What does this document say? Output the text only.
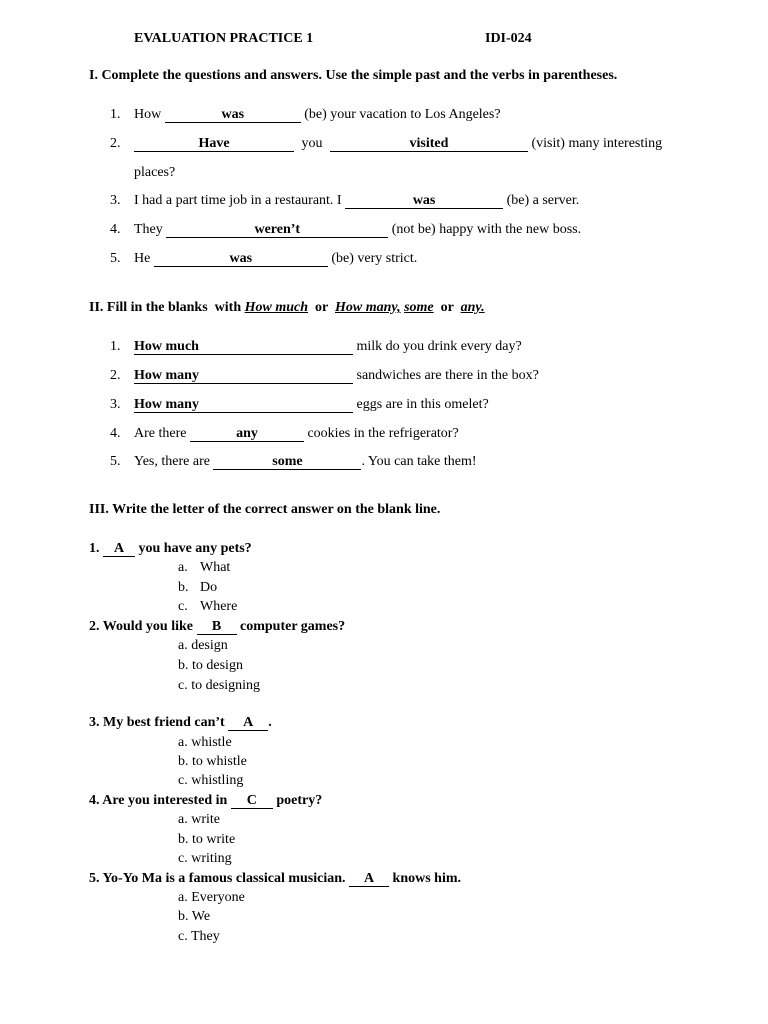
EVALUATION PRACTICE 1	IDI-024
I. Complete the questions and answers. Use the simple past and the verbs in parentheses.
1. How	was	(be) your vacation to Los Angeles?
2.	Have	you	visited	(visit) many interesting
places?
3. I had a part time job in a restaurant. I	was	(be) a server.
4. They	weren’t	(not be) happy with the new boss.
5. He	was	(be) very strict.
II. Fill in the blanks  with How much  or  How many, some  or  any.
1. How much	milk do you drink every day?
2. How many	sandwiches are there in the box?
3. How many	eggs are in this omelet?
4. Are there	any	cookies in the refrigerator?
5. Yes, there are	some	. You can take them!
III. Write the letter of the correct answer on the blank line.
1. A you have any pets?
a. What
b. Do
c. Where
2. Would you like B computer games?
a. design
b. to design
c. to designing
3. My best friend can’t A .
a. whistle
b. to whistle
c. whistling
4. Are you interested in C poetry?
a. write
b. to write
c. writing
5. Yo-Yo Ma is a famous classical musician. A knows him.
a. Everyone
b. We
c. They
